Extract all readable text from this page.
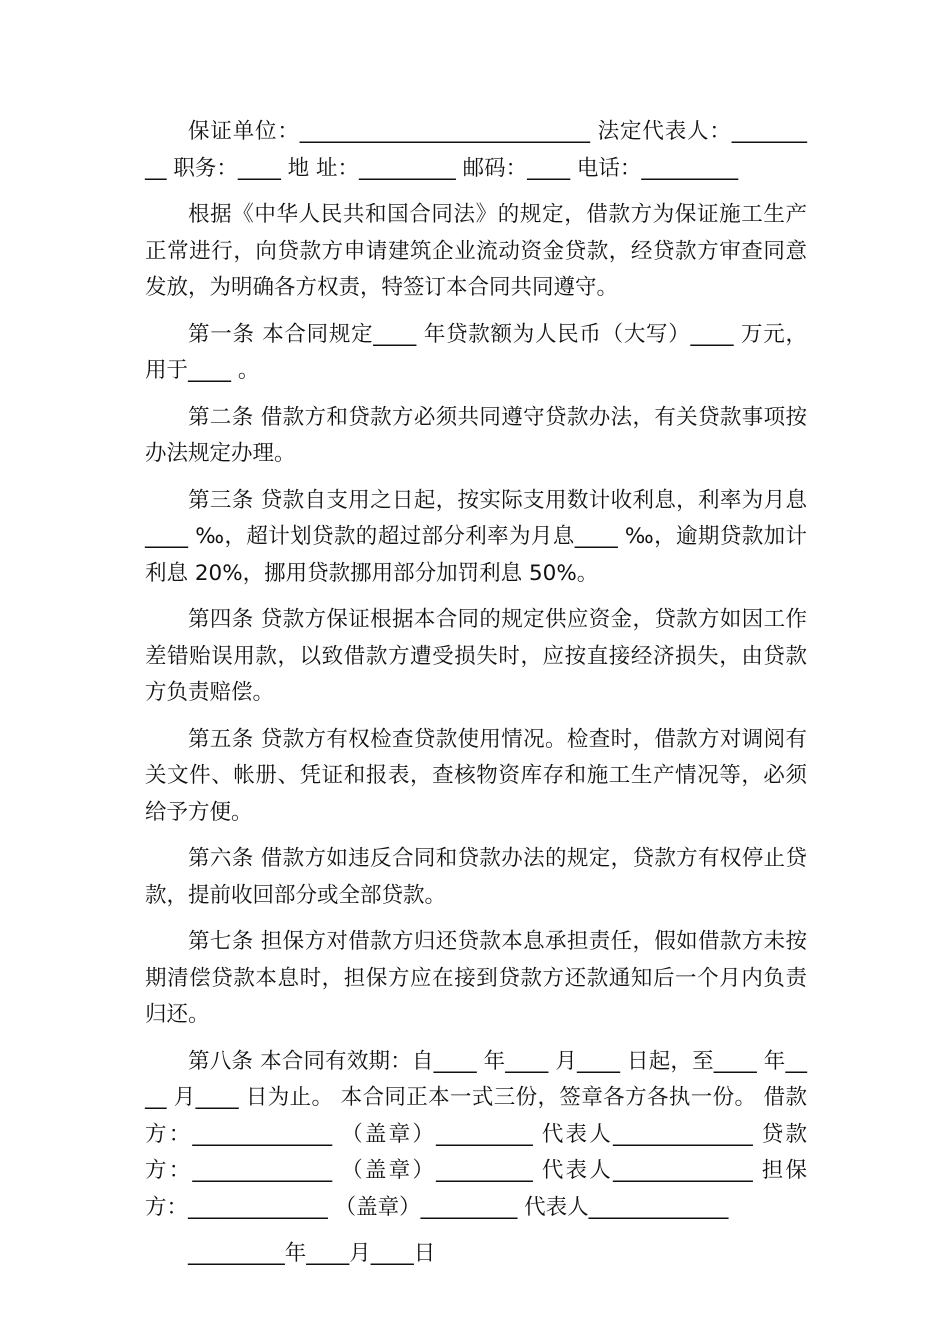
保证单位：___________________________ 法定代表人：_________ 职务：____ 地 址：_________ 邮码：____ 电话：_________

根据《中华人民共和国合同法》的规定，借款方为保证施工生产正常进行，向贷款方申请建筑企业流动资金贷款，经贷款方审查同意发放，为明确各方权责，特签订本合同共同遵守。

第一条 本合同规定____ 年贷款额为人民币（大写）____ 万元，用于____ 。

第二条 借款方和贷款方必须共同遵守贷款办法，有关贷款事项按办法规定办理。

第三条 贷款自支用之日起，按实际支用数计收利息，利率为月息____ ‰，超计划贷款的超过部分利率为月息____ ‰，逾期贷款加计利息 20%，挪用贷款挪用部分加罚利息 50%。

第四条 贷款方保证根据本合同的规定供应资金，贷款方如因工作差错贻误用款，以致借款方遭受损失时，应按直接经济损失，由贷款方负责赔偿。

第五条 贷款方有权检查贷款使用情况。检查时，借款方对调阅有关文件、帐册、凭证和报表，查核物资库存和施工生产情况等，必须给予方便。

第六条 借款方如违反合同和贷款办法的规定，贷款方有权停止贷款，提前收回部分或全部贷款。

第七条 担保方对借款方归还贷款本息承担责任，假如借款方未按期清偿贷款本息时，担保方应在接到贷款方还款通知后一个月内负责归还。

第八条 本合同有效期：自____ 年____ 月____ 日起，至____ 年____ 月____ 日为止。 本合同正本一式三份，签章各方各执一份。 借款方：_____________ （盖章）_________ 代表人_____________ 贷款方：_____________ （盖章）_________ 代表人_____________ 担保方：_____________ （盖章）_________ 代表人_____________

_________年____月____日
